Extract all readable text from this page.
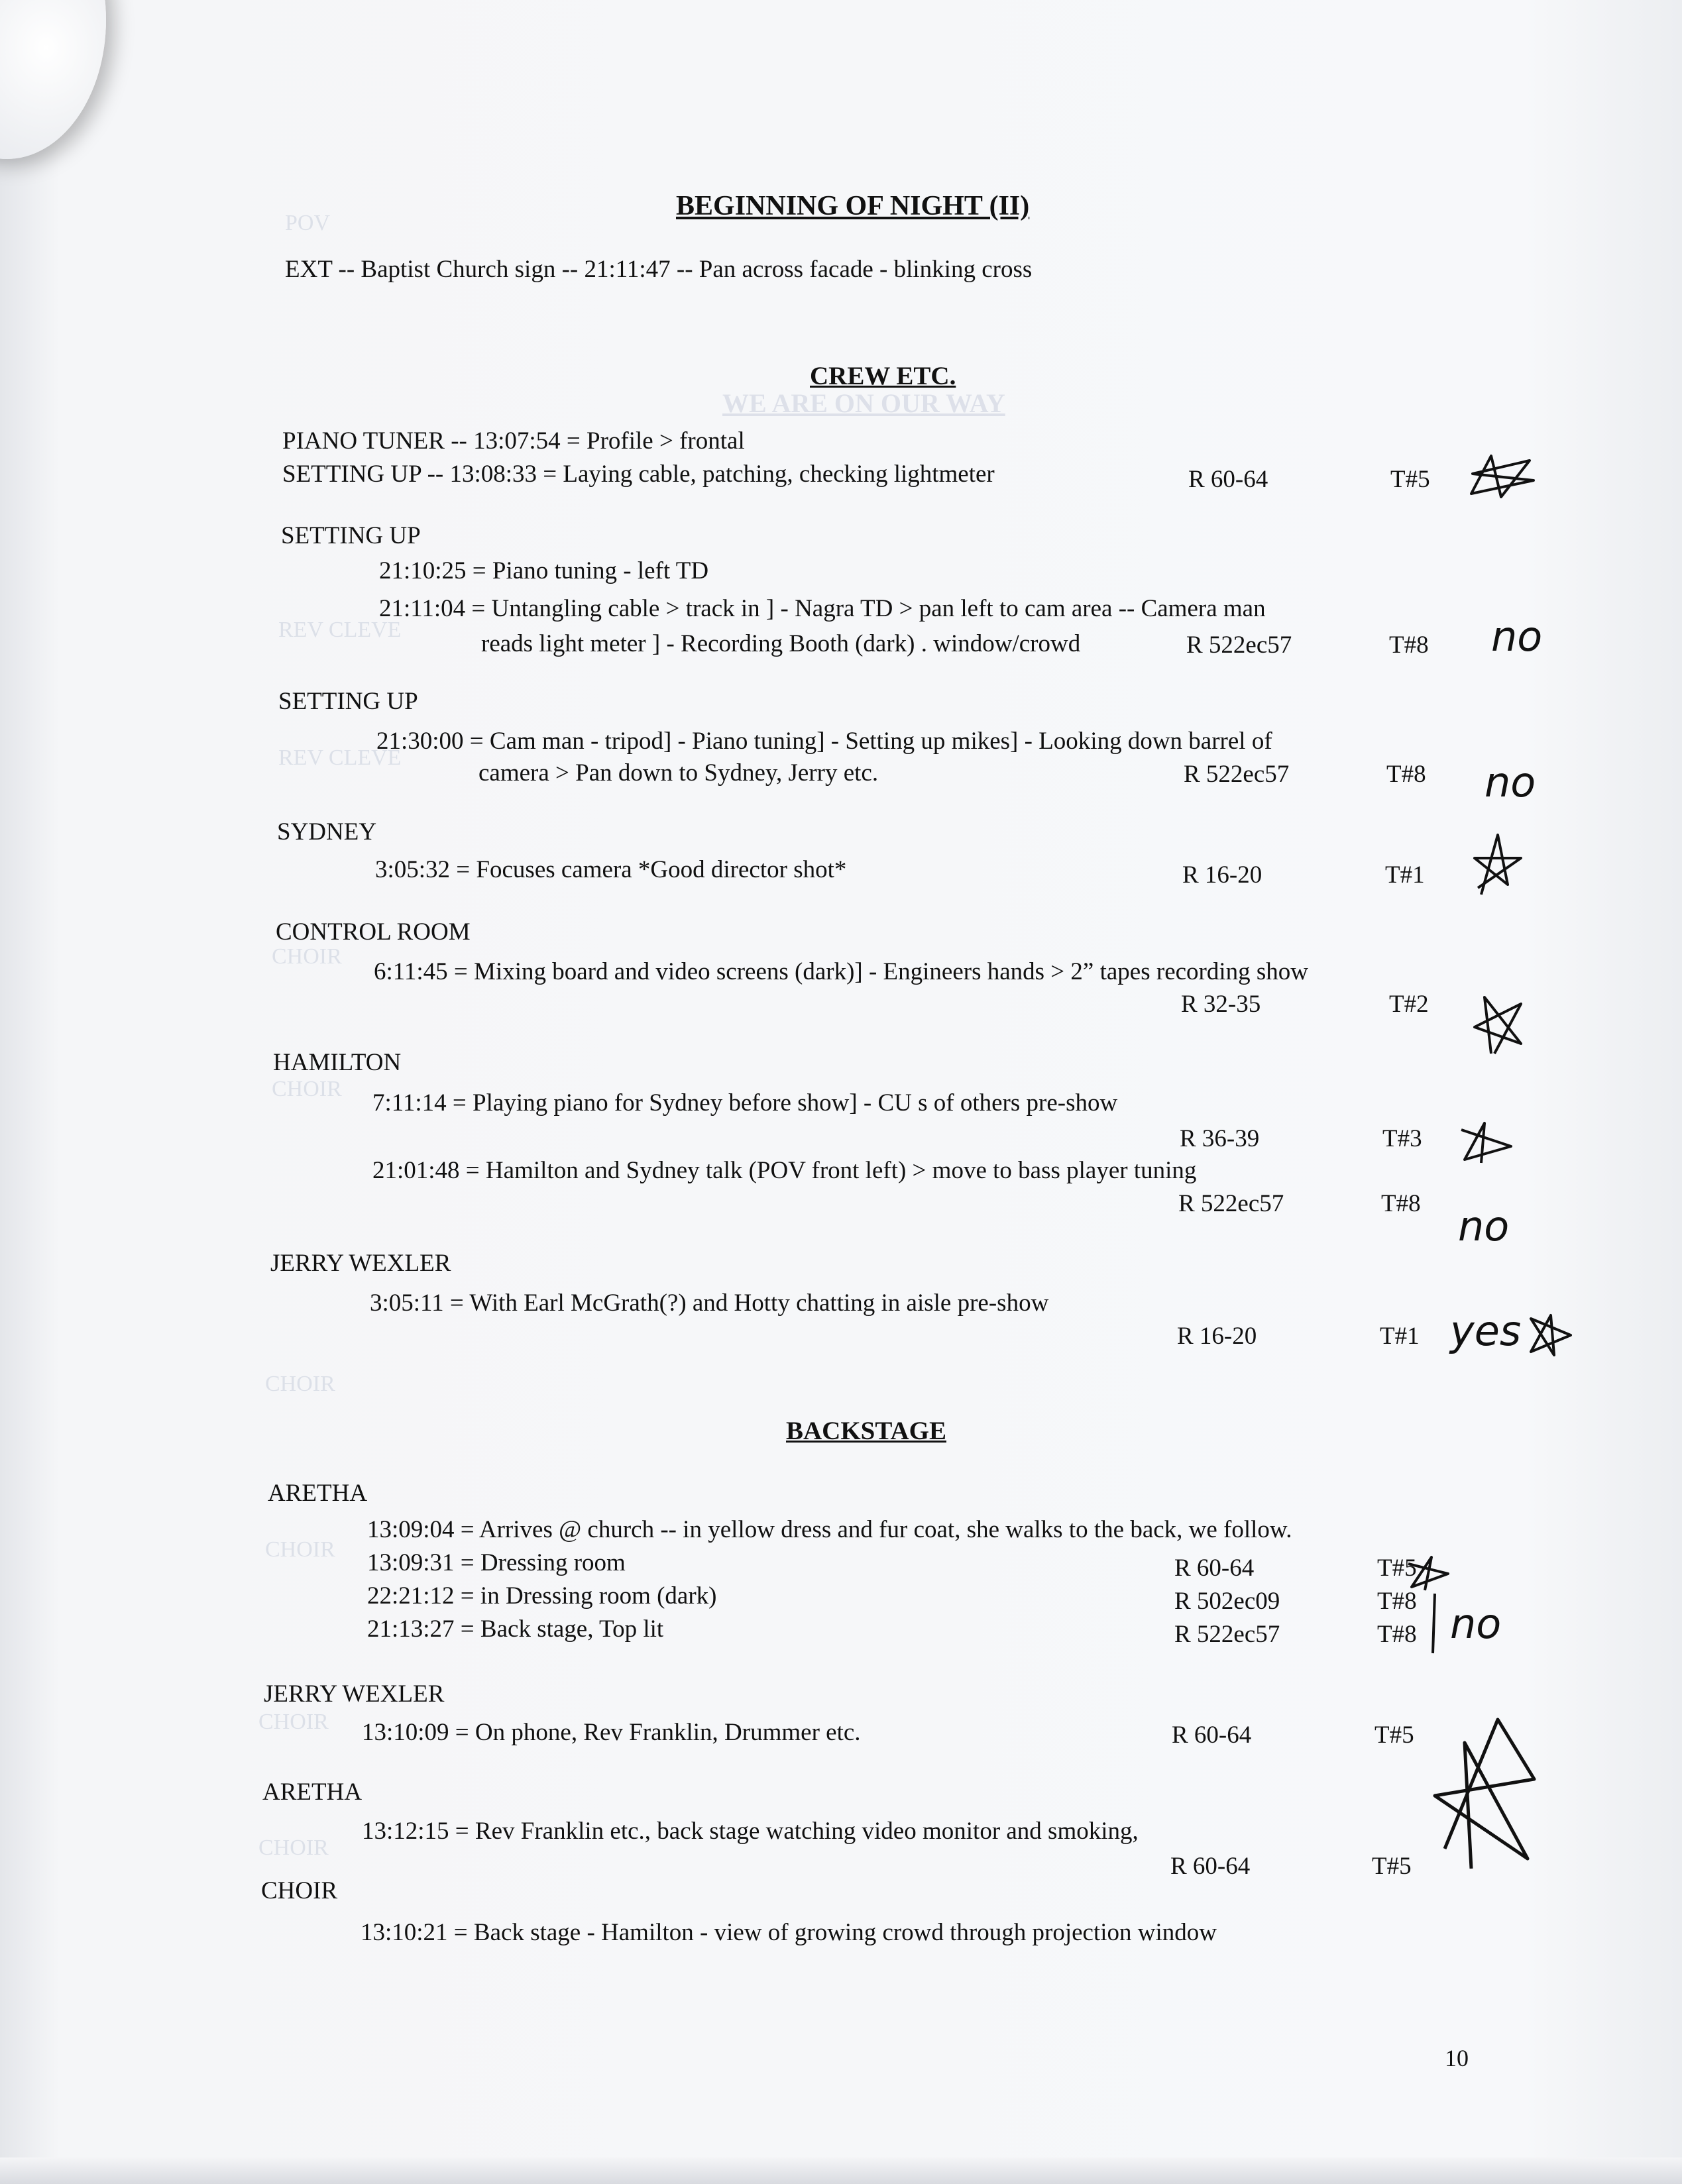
POV
WE ARE ON OUR WAY
REV CLEVE
REV CLEVE
CHOIR
CHOIR
CHOIR
CHOIR
CHOIR
CHOIR
BEGINNING OF NIGHT (II)
EXT -- Baptist Church sign -- 21:11:47 -- Pan across facade - blinking cross
CREW ETC.
PIANO TUNER -- 13:07:54 = Profile > frontal
SETTING UP -- 13:08:33 = Laying cable, patching, checking lightmeter	R 60-64	T#5
SETTING UP
21:10:25 = Piano tuning - left TD
21:11:04 = Untangling cable > track in ] - Nagra TD > pan left to cam area -- Camera man
reads light meter ] - Recording Booth (dark) . window/crowd	R 522ec57	T#8
SETTING UP
21:30:00 = Cam man - tripod] - Piano tuning] - Setting up mikes] - Looking down barrel of
camera > Pan down to Sydney, Jerry etc.	R 522ec57	T#8
SYDNEY
3:05:32 = Focuses camera *Good director shot*	R 16-20	T#1
CONTROL ROOM
6:11:45 = Mixing board and video screens (dark)] - Engineers hands > 2” tapes recording show
R 32-35	T#2
HAMILTON
7:11:14 = Playing piano for Sydney before show] - CU s of others pre-show
R 36-39	T#3
21:01:48 = Hamilton and Sydney talk (POV front left) > move to bass player tuning
R 522ec57	T#8
JERRY WEXLER
3:05:11 = With Earl McGrath(?) and Hotty chatting in aisle pre-show
R 16-20	T#1
BACKSTAGE
ARETHA
13:09:04 = Arrives @ church -- in yellow dress and fur coat, she walks to the back, we follow.
13:09:31 = Dressing room	R 60-64	T#5
22:21:12 = in Dressing room (dark)	R 502ec09	T#8
21:13:27 = Back stage, Top lit	R 522ec57	T#8
JERRY WEXLER
13:10:09 = On phone, Rev Franklin, Drummer etc.	R 60-64	T#5
ARETHA
13:12:15 = Rev Franklin etc., back stage watching video monitor and smoking,
R 60-64	T#5
CHOIR
13:10:21 = Back stage - Hamilton - view of growing crowd through projection window
no
no
no
yes
no
10
